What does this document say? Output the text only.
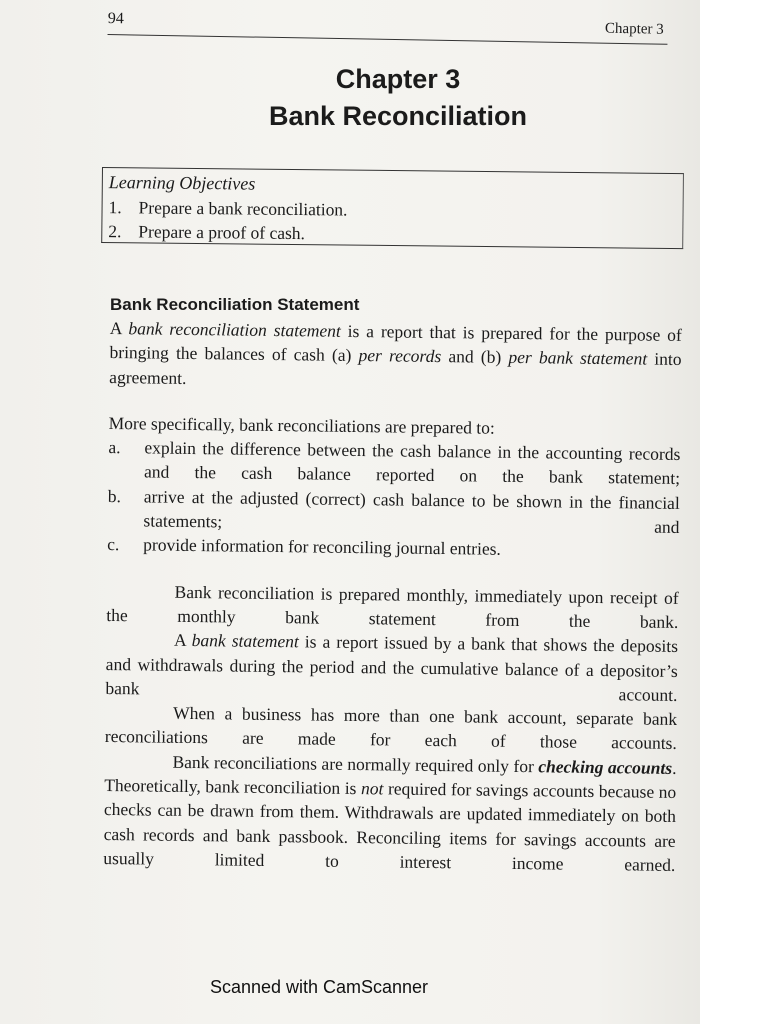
94
Chapter 3
Chapter 3
Bank Reconciliation
Learning Objectives
1. Prepare a bank reconciliation.
2. Prepare a proof of cash.
Bank Reconciliation Statement

A bank reconciliation statement is a report that is prepared for the purpose of bringing the balances of cash (a) per records and (b) per bank statement into agreement.

More specifically, bank reconciliations are prepared to:

a.	explain the difference between the cash balance in the accounting records and the cash balance reported on the bank statement;
b.	arrive at the adjusted (correct) cash balance to be shown in the financial statements; and
c.	provide information for reconciling journal entries.

Bank reconciliation is prepared monthly, immediately upon receipt of the monthly bank statement from the bank.

A bank statement is a report issued by a bank that shows the deposits and withdrawals during the period and the cumulative balance of a depositor’s bank account.

When a business has more than one bank account, separate bank reconciliations are made for each of those accounts.

Bank reconciliations are normally required only for checking accounts. Theoretically, bank reconciliation is not required for savings accounts because no checks can be drawn from them. Withdrawals are updated immediately on both cash records and bank passbook. Reconciling items for savings accounts are usually limited to interest income earned.

Scanned with CamScanner
